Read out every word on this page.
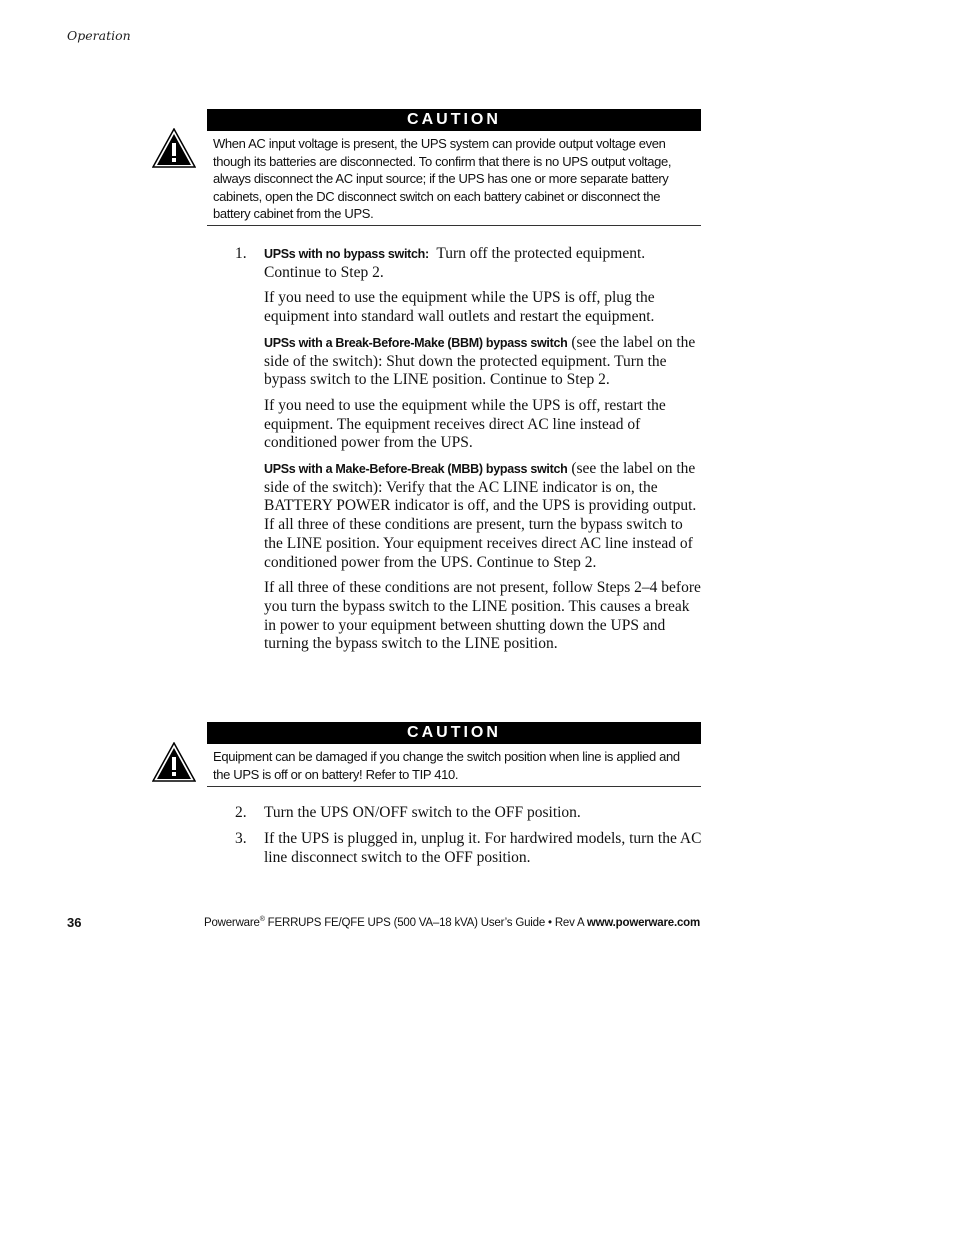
Operation
CAUTION
When AC input voltage is present, the UPS system can provide output voltage even though its batteries are disconnected. To confirm that there is no UPS output voltage, always disconnect the AC input source; if the UPS has one or more separate battery cabinets, open the DC disconnect switch on each battery cabinet or disconnect the battery cabinet from the UPS.
1. UPSs with no bypass switch: Turn off the protected equipment. Continue to Step 2.

If you need to use the equipment while the UPS is off, plug the equipment into standard wall outlets and restart the equipment.

UPSs with a Break-Before-Make (BBM) bypass switch (see the label on the side of the switch): Shut down the protected equipment. Turn the bypass switch to the LINE position. Continue to Step 2.

If you need to use the equipment while the UPS is off, restart the equipment. The equipment receives direct AC line instead of conditioned power from the UPS.

UPSs with a Make-Before-Break (MBB) bypass switch (see the label on the side of the switch): Verify that the AC LINE indicator is on, the BATTERY POWER indicator is off, and the UPS is providing output. If all three of these conditions are present, turn the bypass switch to the LINE position. Your equipment receives direct AC line instead of conditioned power from the UPS. Continue to Step 2.

If all three of these conditions are not present, follow Steps 2–4 before you turn the bypass switch to the LINE position. This causes a break in power to your equipment between shutting down the UPS and turning the bypass switch to the LINE position.

CAUTION
Equipment can be damaged if you change the switch position when line is applied and the UPS is off or on battery! Refer to TIP 410.
2. Turn the UPS ON/OFF switch to the OFF position.

3. If the UPS is plugged in, unplug it. For hardwired models, turn the AC line disconnect switch to the OFF position.

36	Powerware® FERRUPS FE/QFE UPS (500 VA–18 kVA) User’s Guide • Rev A www.powerware.com
